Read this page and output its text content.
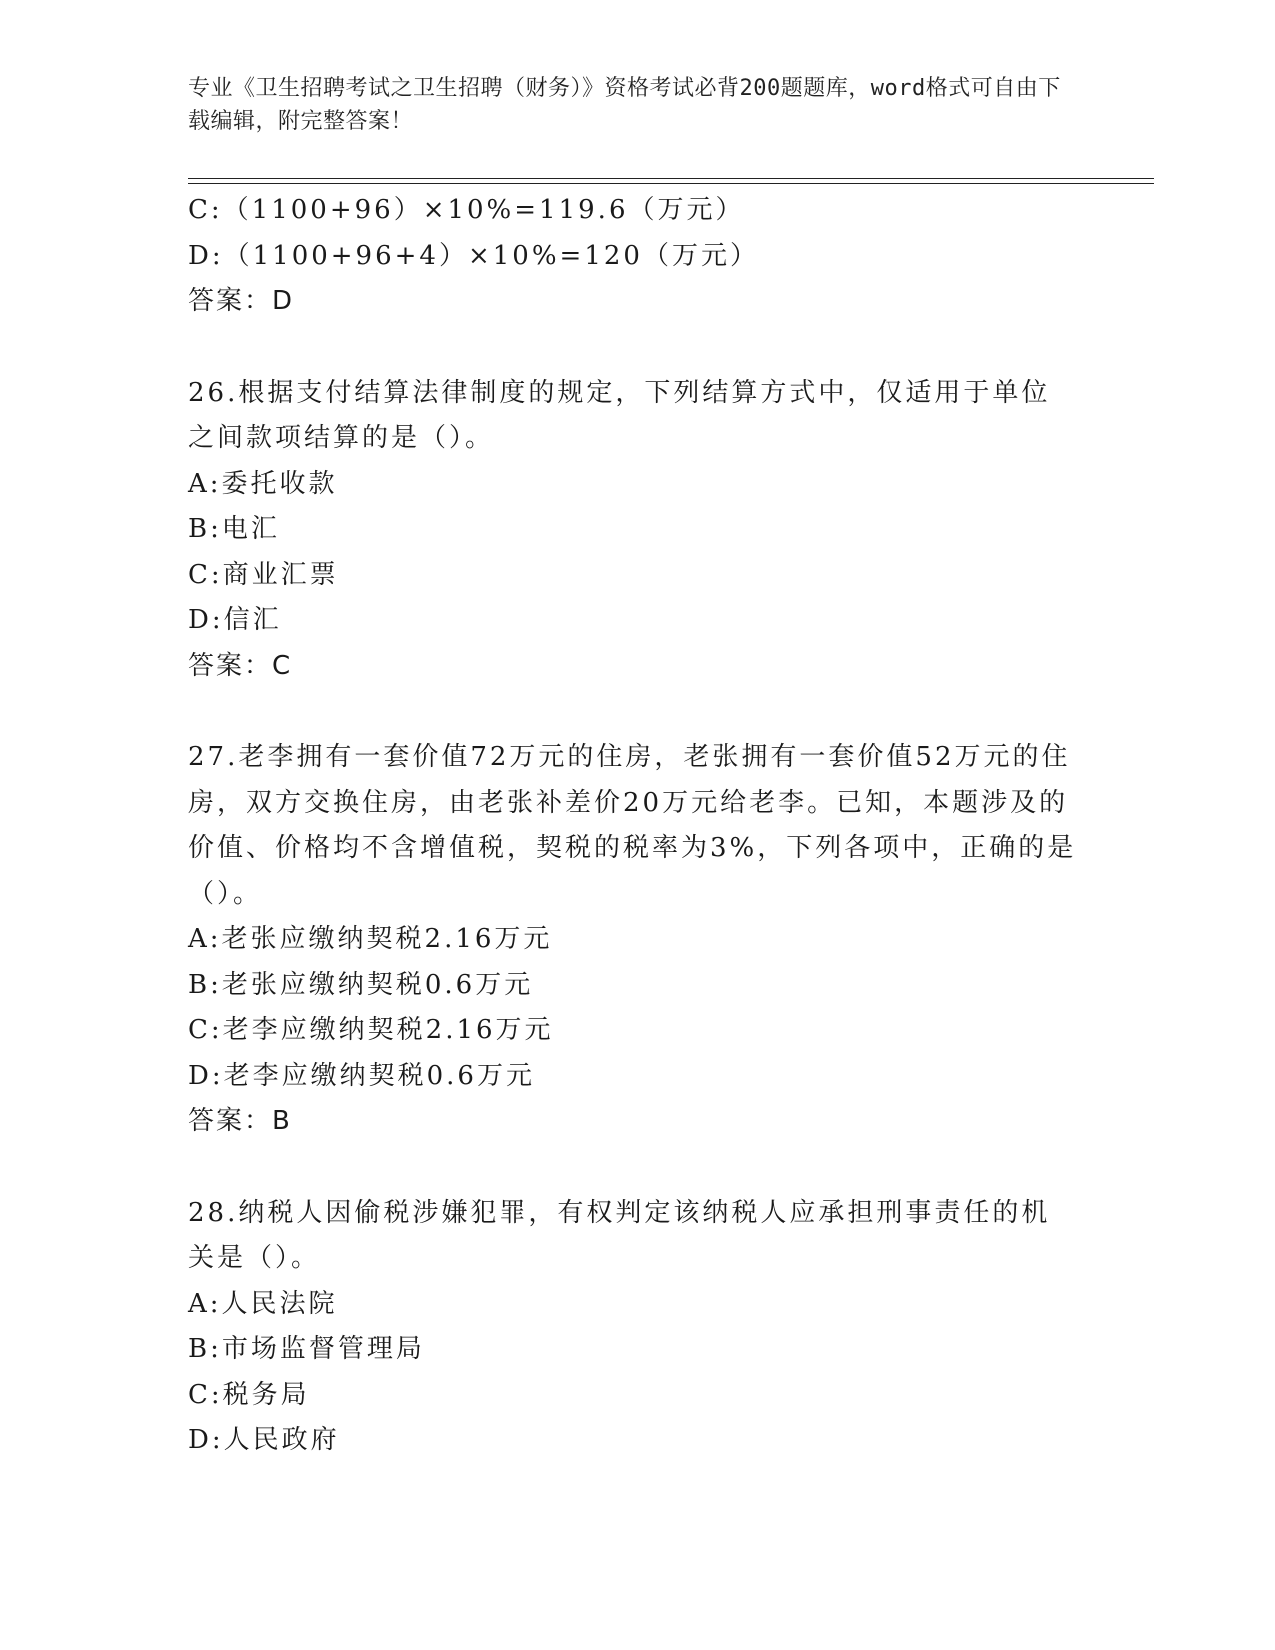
专业《卫生招聘考试之卫生招聘（财务）》资格考试必背200题题库，word格式可自由下载编辑，附完整答案！
C:（1100+96）×10%=119.6（万元）
D:（1100+96+4）×10%=120（万元）
答案：D
26.根据支付结算法律制度的规定，下列结算方式中，仅适用于单位之间款项结算的是（）。
A:委托收款
B:电汇
C:商业汇票
D:信汇
答案：C
27.老李拥有一套价值72万元的住房，老张拥有一套价值52万元的住房，双方交换住房，由老张补差价20万元给老李。已知，本题涉及的价值、价格均不含增值税，契税的税率为3%，下列各项中，正确的是（）。
A:老张应缴纳契税2.16万元
B:老张应缴纳契税0.6万元
C:老李应缴纳契税2.16万元
D:老李应缴纳契税0.6万元
答案：B
28.纳税人因偷税涉嫌犯罪，有权判定该纳税人应承担刑事责任的机关是（）。
A:人民法院
B:市场监督管理局
C:税务局
D:人民政府
